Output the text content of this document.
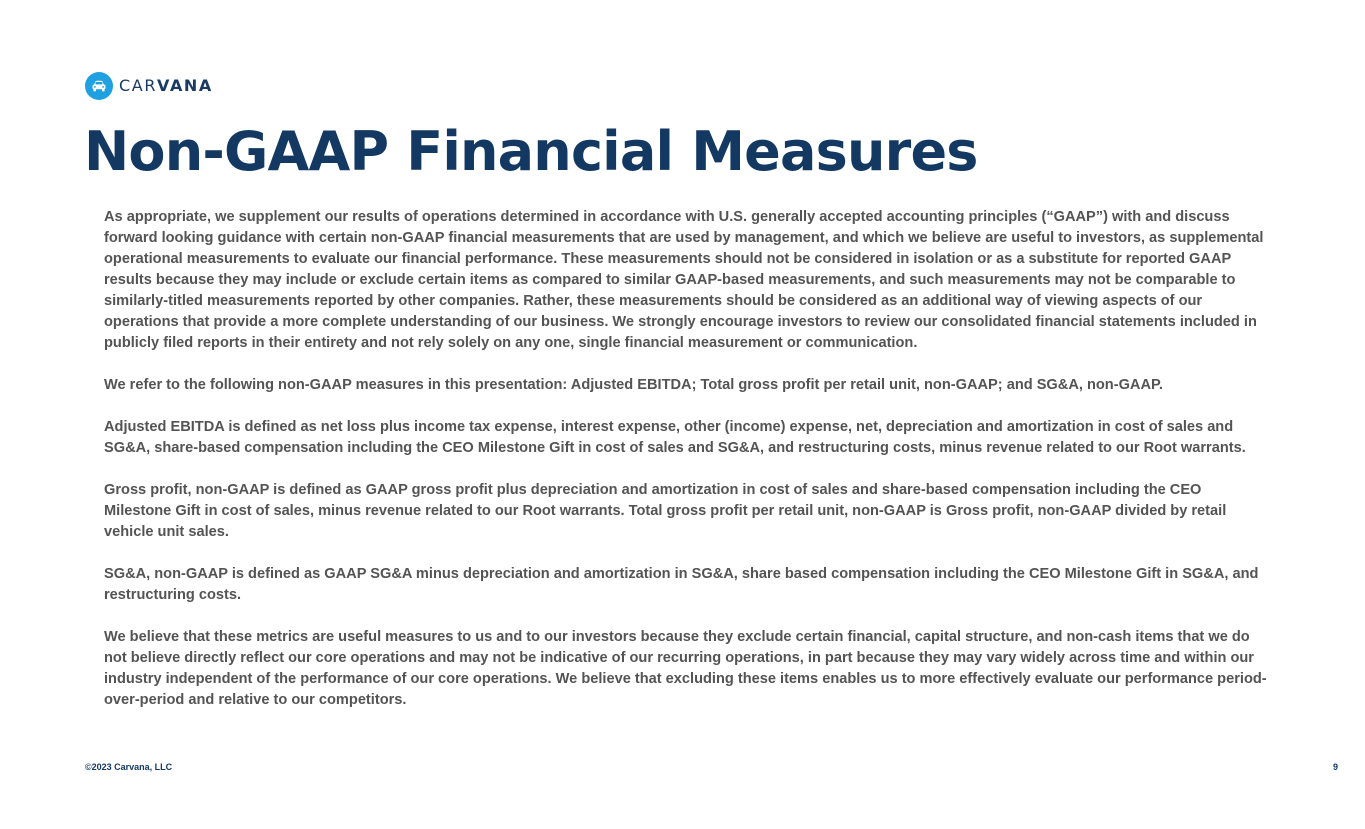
CARVANA
Non-GAAP Financial Measures

As appropriate, we supplement our results of operations determined in accordance with U.S. generally accepted accounting principles (“GAAP”) with and discuss forward looking guidance with certain non-GAAP financial measurements that are used by management, and which we believe are useful to investors, as supplemental operational measurements to evaluate our financial performance. These measurements should not be considered in isolation or as a substitute for reported GAAP results because they may include or exclude certain items as compared to similar GAAP-based measurements, and such measurements may not be comparable to similarly-titled measurements reported by other companies. Rather, these measurements should be considered as an additional way of viewing aspects of our operations that provide a more complete understanding of our business. We strongly encourage investors to review our consolidated financial statements included in publicly filed reports in their entirety and not rely solely on any one, single financial measurement or communication.

We refer to the following non-GAAP measures in this presentation: Adjusted EBITDA; Total gross profit per retail unit, non-GAAP; and SG&A, non-GAAP.

Adjusted EBITDA is defined as net loss plus income tax expense, interest expense, other (income) expense, net, depreciation and amortization in cost of sales and SG&A, share-based compensation including the CEO Milestone Gift in cost of sales and SG&A, and restructuring costs, minus revenue related to our Root warrants.

Gross profit, non-GAAP is defined as GAAP gross profit plus depreciation and amortization in cost of sales and share-based compensation including the CEO Milestone Gift in cost of sales, minus revenue related to our Root warrants. Total gross profit per retail unit, non-GAAP is Gross profit, non-GAAP divided by retail vehicle unit sales.

SG&A, non-GAAP is defined as GAAP SG&A minus depreciation and amortization in SG&A, share based compensation including the CEO Milestone Gift in SG&A, and restructuring costs.

We believe that these metrics are useful measures to us and to our investors because they exclude certain financial, capital structure, and non-cash items that we do not believe directly reflect our core operations and may not be indicative of our recurring operations, in part because they may vary widely across time and within our industry independent of the performance of our core operations. We believe that excluding these items enables us to more effectively evaluate our performance period-over-period and relative to our competitors.

©2023 Carvana, LLC	9
